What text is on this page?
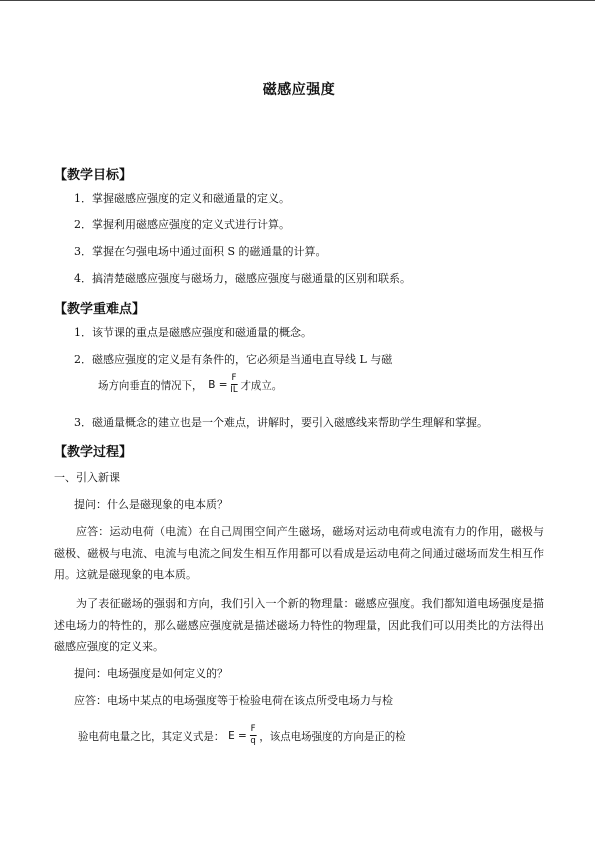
磁感应强度
【教学目标】
1．掌握磁感应强度的定义和磁通量的定义。
2．掌握利用磁感应强度的定义式进行计算。
3．掌握在匀强电场中通过面积 S 的磁通量的计算。
4．搞清楚磁感应强度与磁场力，磁感应强度与磁通量的区别和联系。
【教学重难点】
1．该节课的重点是磁感应强度和磁通量的概念。
2．磁感应强度的定义是有条件的，它必须是当通电直导线 L 与磁
场方向垂直的情况下， $B = \frac{F}{IL}$ 才成立。
3．磁通量概念的建立也是一个难点，讲解时，要引入磁感线来帮助学生理解和掌握。
【教学过程】
一、引入新课
提问：什么是磁现象的电本质？
应答：运动电荷（电流）在自己周围空间产生磁场，磁场对运动电荷或电流有力的作用，磁极与磁极、磁极与电流、电流与电流之间发生相互作用都可以看成是运动电荷之间通过磁场而发生相互作用。这就是磁现象的电本质。
为了表征磁场的强弱和方向，我们引入一个新的物理量：磁感应强度。我们都知道电场强度是描述电场力的特性的，那么磁感应强度就是描述磁场力特性的物理量，因此我们可以用类比的方法得出磁感应强度的定义来。
提问：电场强度是如何定义的？
应答：电场中某点的电场强度等于检验电荷在该点所受电场力与检
验电荷电量之比，其定义式是： $E = \frac{F}{q}$ ，该点电场强度的方向是正的检
